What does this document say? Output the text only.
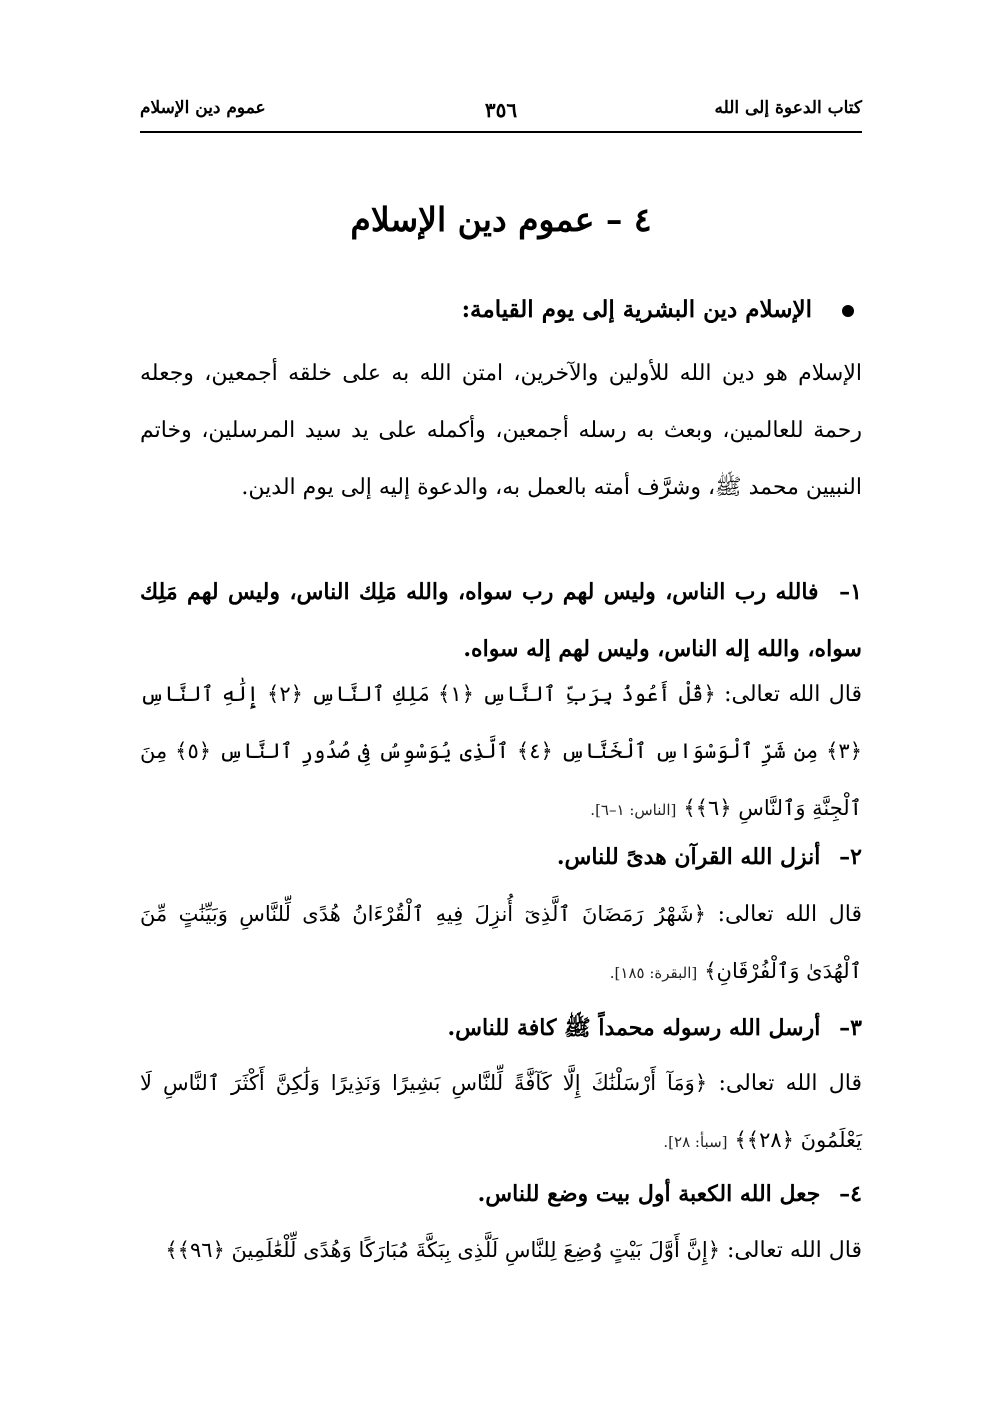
كتاب الدعوة إلى الله
٣٥٦
عموم دين الإسلام
٤ – عموم دين الإسلام
الإسلام دين البشرية إلى يوم القيامة:
الإسلام هو دين الله للأولين والآخرين، امتن الله به على خلقه أجمعين، وجعله رحمة للعالمين، وبعث به رسله أجمعين، وأكمله على يد سيد المرسلين، وخاتم النبيين محمد ﷺ، وشرَّف أمته بالعمل به، والدعوة إليه إلى يوم الدين.
١– فالله رب الناس، وليس لهم رب سواه، والله مَلِك الناس، وليس لهم مَلِك سواه، والله إله الناس، وليس لهم إله سواه.
قال الله تعالى: ﴿قُلْ أَعُوذُ بِرَبِّ ٱلنَّاسِ ﴿١﴾ مَلِكِ ٱلنَّاسِ ﴿٢﴾ إِلَٰهِ ٱلنَّاسِ ﴿٣﴾ مِن شَرِّ ٱلْوَسْوَاسِ ٱلْخَنَّاسِ ﴿٤﴾ ٱلَّذِى يُوَسْوِسُ فِى صُدُورِ ٱلنَّاسِ ﴿٥﴾ مِنَ ٱلْجِنَّةِ وَٱلنَّاسِ ﴿٦﴾﴾ [الناس: ١–٦].
٢– أنزل الله القرآن هدىً للناس.
قال الله تعالى: ﴿شَهْرُ رَمَضَانَ ٱلَّذِىٓ أُنزِلَ فِيهِ ٱلْقُرْءَانُ هُدًى لِّلنَّاسِ وَبَيِّنَٰتٍ مِّنَ ٱلْهُدَىٰ وَٱلْفُرْقَانِ﴾ [البقرة: ١٨٥].
٣– أرسل الله رسوله محمداً ﷺ كافة للناس.
قال الله تعالى: ﴿وَمَآ أَرْسَلْنَٰكَ إِلَّا كَآفَّةً لِّلنَّاسِ بَشِيرًا وَنَذِيرًا وَلَٰكِنَّ أَكْثَرَ ٱلنَّاسِ لَا يَعْلَمُونَ ﴿٢٨﴾﴾ [سبأ: ٢٨].
٤– جعل الله الكعبة أول بيت وضع للناس.
قال الله تعالى: ﴿إِنَّ أَوَّلَ بَيْتٍ وُضِعَ لِلنَّاسِ لَلَّذِى بِبَكَّةَ مُبَارَكًا وَهُدًى لِّلْعَٰلَمِينَ ﴿٩٦﴾﴾
